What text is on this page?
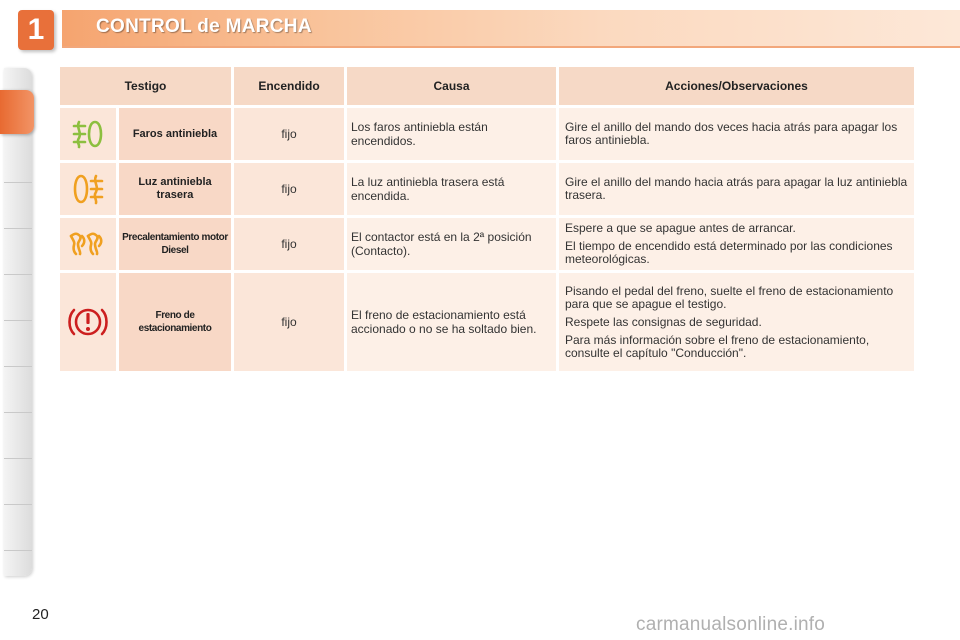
1	CONTROL de MARCHA
Testigo		Encendido	Causa	Acciones/Observaciones
	Faros antiniebla	fijo	Los faros antiniebla están encendidos.	Gire el anillo del mando dos veces hacia atrás para apagar los faros antiniebla.

	Luz antiniebla trasera	fijo	La luz antiniebla trasera está encendida.	Gire el anillo del mando hacia atrás para apagar la luz antiniebla trasera.

	Precalentamiento motor Diesel	fijo	El contactor está en la 2ª posición (Contacto).	Espere a que se apague antes de arrancar.

El tiempo de encendido está determinado por las condiciones meteorológicas.

	Freno de estacionamiento	fijo	El freno de estacionamiento está accionado o no se ha soltado bien.	Pisando el pedal del freno, suelte el freno de estacionamiento para que se apague el testigo.

Respete las consignas de seguridad.

Para más información sobre el freno de estacionamiento, consulte el capítulo "Conducción".

20	carmanualsonline.info
